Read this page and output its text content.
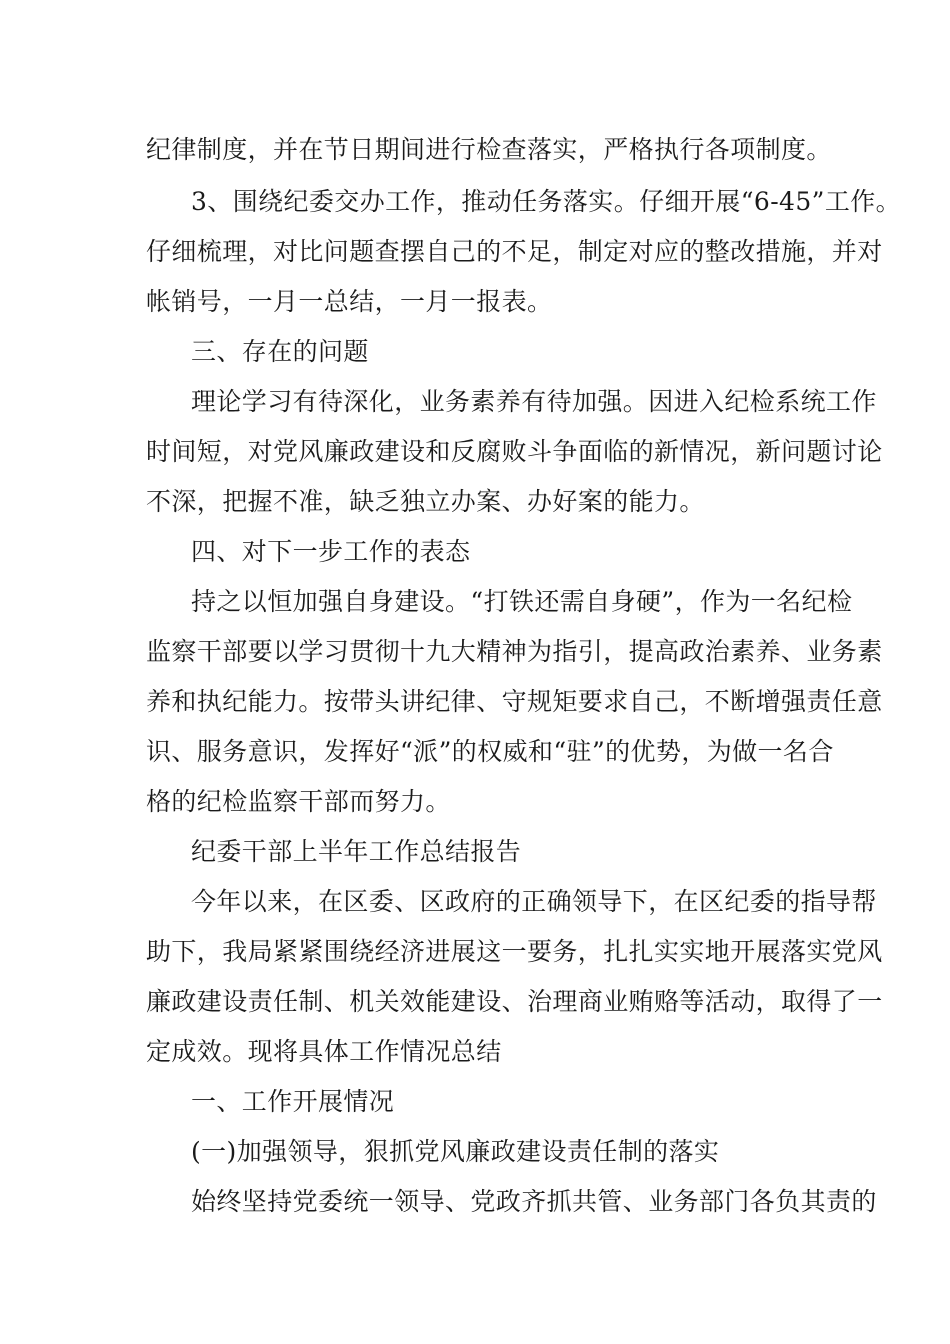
纪律制度，并在节日期间进行检查落实，严格执行各项制度。

3、围绕纪委交办工作，推动任务落实。仔细开展“6-45”工作。

仔细梳理，对比问题查摆自己的不足，制定对应的整改措施，并对

帐销号，一月一总结，一月一报表。

三、存在的问题

理论学习有待深化，业务素养有待加强。因进入纪检系统工作

时间短，对党风廉政建设和反腐败斗争面临的新情况，新问题讨论

不深，把握不准，缺乏独立办案、办好案的能力。

四、对下一步工作的表态

持之以恒加强自身建设。“打铁还需自身硬”，作为一名纪检

监察干部要以学习贯彻十九大精神为指引，提高政治素养、业务素

养和执纪能力。按带头讲纪律、守规矩要求自己，不断增强责任意

识、服务意识，发挥好“派”的权威和“驻”的优势，为做一名合

格的纪检监察干部而努力。

纪委干部上半年工作总结报告

今年以来，在区委、区政府的正确领导下，在区纪委的指导帮

助下，我局紧紧围绕经济进展这一要务，扎扎实实地开展落实党风

廉政建设责任制、机关效能建设、治理商业贿赂等活动，取得了一

定成效。现将具体工作情况总结

一、工作开展情况

(一)加强领导，狠抓党风廉政建设责任制的落实

始终坚持党委统一领导、党政齐抓共管、业务部门各负其责的
